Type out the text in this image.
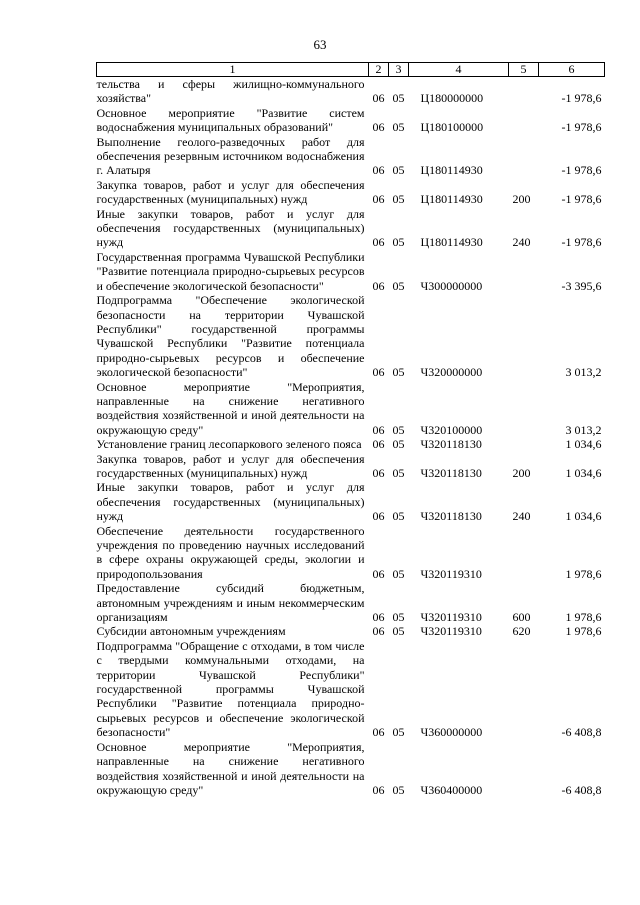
63
1	2	3	4	5	6
тельства и сферы жилищно-коммунального хозяйства"	06	05	Ц180000000		-1 978,6
Основное мероприятие "Развитие систем водоснабжения муниципальных образований"	06	05	Ц180100000		-1 978,6
Выполнение геолого-разведочных работ для обеспечения резервным источником водоснабжения г. Алатыря	06	05	Ц180114930		-1 978,6
Закупка товаров, работ и услуг для обеспечения государственных (муниципальных) нужд	06	05	Ц180114930	200	-1 978,6
Иные закупки товаров, работ и услуг для обеспечения государственных (муниципальных) нужд	06	05	Ц180114930	240	-1 978,6
Государственная программа Чувашской Республики "Развитие потенциала природно-сырьевых ресурсов и обеспечение экологической безопасности"	06	05	Ч300000000		-3 395,6
Подпрограмма "Обеспечение экологической безопасности на территории Чувашской Республики" государственной программы Чувашской Республики "Развитие потенциала природно-сырьевых ресурсов и обеспечение экологической безопасности"	06	05	Ч320000000		3 013,2
Основное мероприятие "Мероприятия, направленные на снижение негативного воздействия хозяйственной и иной деятельности на окружающую среду"	06	05	Ч320100000		3 013,2
Установление границ лесопаркового зеленого пояса	06	05	Ч320118130		1 034,6
Закупка товаров, работ и услуг для обеспечения государственных (муниципальных) нужд	06	05	Ч320118130	200	1 034,6
Иные закупки товаров, работ и услуг для обеспечения государственных (муниципальных) нужд	06	05	Ч320118130	240	1 034,6
Обеспечение деятельности государственного учреждения по проведению научных исследований в сфере охраны окружающей среды, экологии и природопользования	06	05	Ч320119310		1 978,6
Предоставление субсидий бюджетным, автономным учреждениям и иным некоммерческим организациям	06	05	Ч320119310	600	1 978,6
Субсидии автономным учреждениям	06	05	Ч320119310	620	1 978,6
Подпрограмма "Обращение с отходами, в том числе с твердыми коммунальными отходами, на территории Чувашской Республики" государственной программы Чувашской Республики "Развитие потенциала природно-сырьевых ресурсов и обеспечение экологической безопасности"	06	05	Ч360000000		-6 408,8
Основное мероприятие "Мероприятия, направленные на снижение негативного воздействия хозяйственной и иной деятельности на окружающую среду"	06	05	Ч360400000		-6 408,8
